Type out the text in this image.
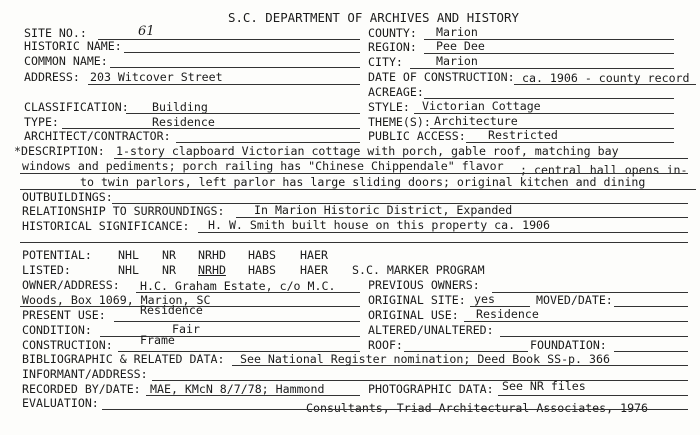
S.C. DEPARTMENT OF ARCHIVES AND HISTORY
SITE NO.:	61
HISTORIC NAME:
COMMON NAME:
ADDRESS: 203 Witcover Street
COUNTY: Marion
REGION: Pee Dee
CITY:	Marion
DATE OF CONSTRUCTION: ca. 1906 - county record
ACREAGE:
CLASSIFICATION: Building
TYPE:	Residence
ARCHITECT/CONTRACTOR:
STYLE: Victorian Cottage
THEME(S): Architecture
PUBLIC ACCESS: Restricted
*DESCRIPTION: 1-story clapboard Victorian cottage with porch, gable roof, matching bay
windows and pediments; porch railing has "Chinese Chippendale" flavor ; central hall opens in-
to twin parlors, left parlor has large sliding doors; original kitchen and dining
OUTBUILDINGS:
RELATIONSHIP TO SURROUNDINGS:	In Marion Historic District, Expanded
HISTORICAL SIGNIFICANCE: H. W. Smith built house on this property ca. 1906
POTENTIAL: NHL NR NRHD HABS HAER
LISTED:	NHL NR NRHD HABS HAER S.C. MARKER PROGRAM
OWNER/ADDRESS: H.C. Graham Estate, c/o M.C.
Woods, Box 1069, Marion, SC
PREVIOUS OWNERS:
PRESENT USE:	Residence
ORIGINAL SITE: yes	MOVED/DATE:
ORIGINAL USE: Residence
CONDITION:	Fair	ALTERED/UNALTERED:
CONSTRUCTION: Frame	ROOF:	FOUNDATION:
BIBLIOGRAPHIC & RELATED DATA: See National Register nomination; Deed Book SS-p. 366
INFORMANT/ADDRESS:
RECORDED BY/DATE: MAE, KMcN 8/7/78; Hammond	PHOTOGRAPHIC DATA: See NR files
EVALUATION:	Consultants, Triad Architectural Associates, 1976
